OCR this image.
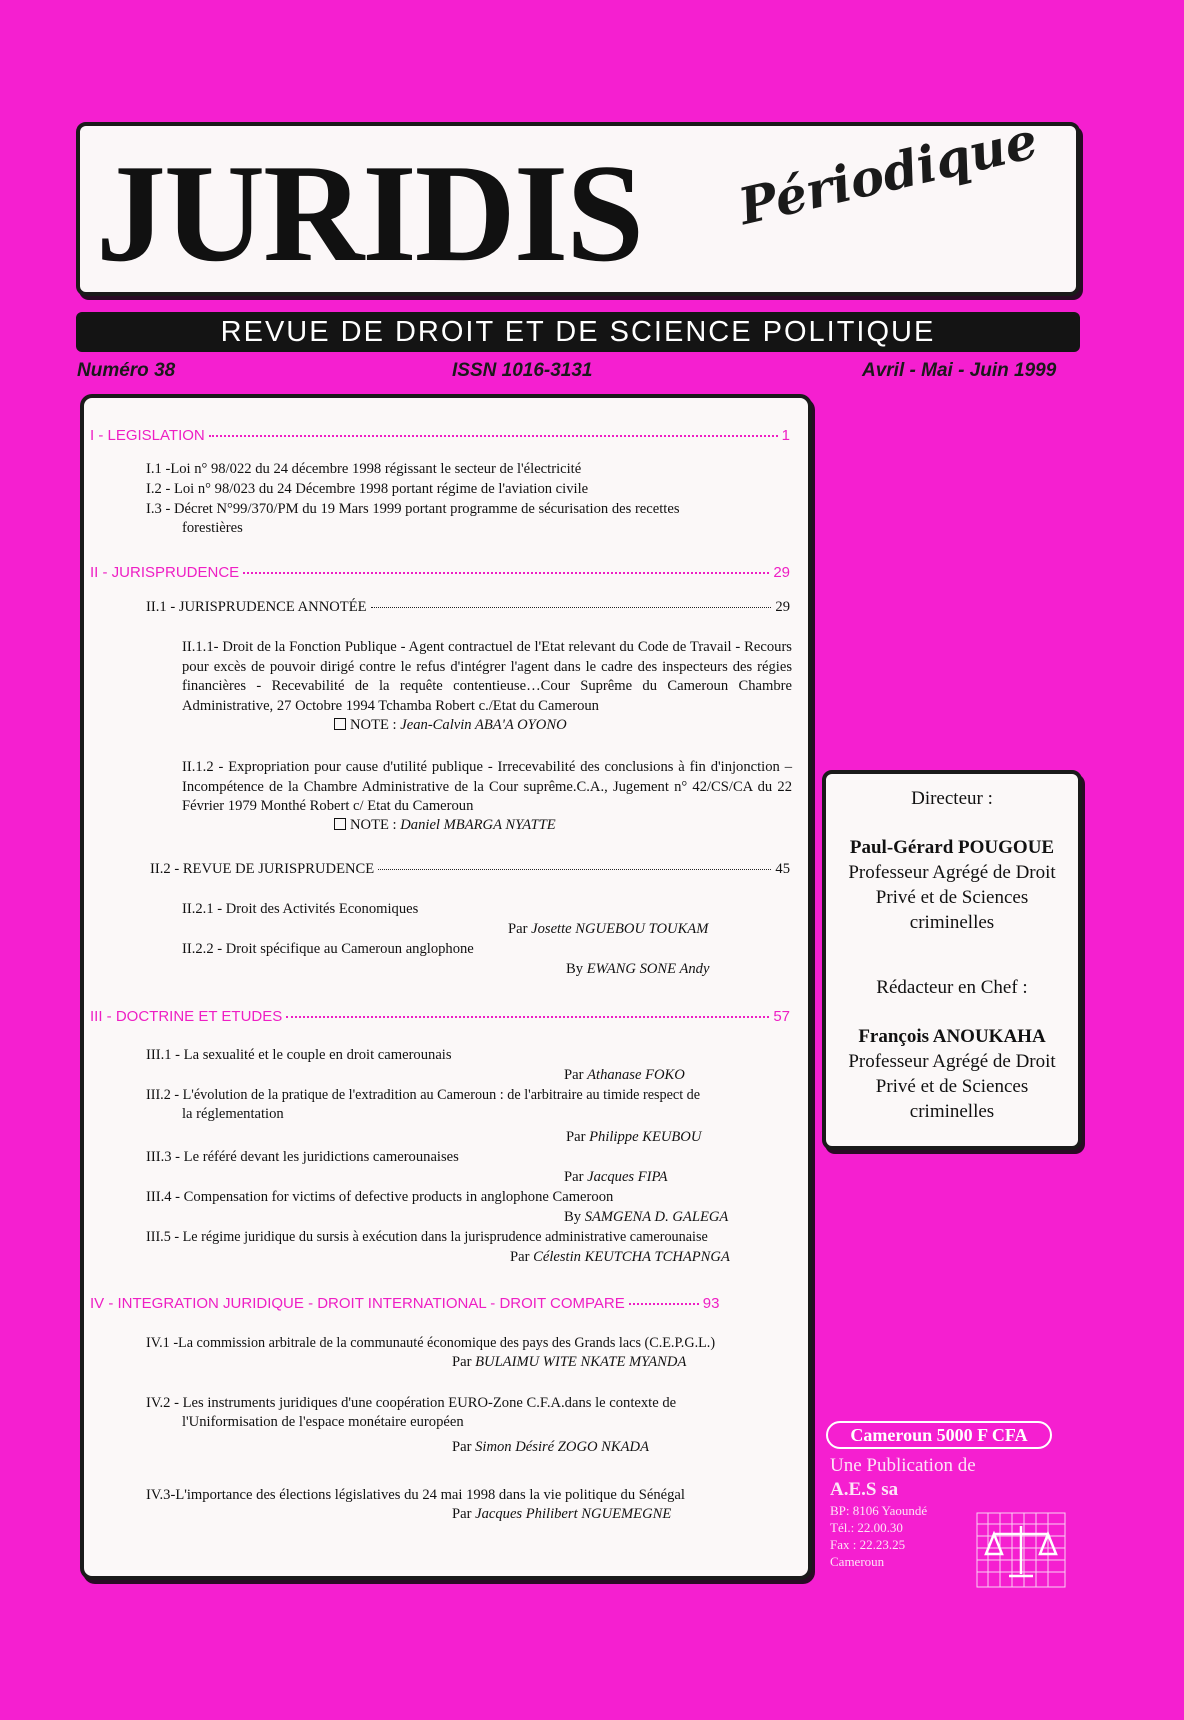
JURIDIS Périodique
REVUE DE DROIT ET DE SCIENCE POLITIQUE
Numéro 38	ISSN 1016-3131	Avril - Mai - Juin 1999
I - LEGISLATION	1
I.1 -Loi n° 98/022 du 24 décembre 1998 régissant le secteur de l'électricité
I.2 - Loi n° 98/023 du 24 Décembre 1998 portant régime de l'aviation civile
I.3 - Décret N°99/370/PM du 19 Mars 1999 portant programme de sécurisation des recettes
forestières
II - JURISPRUDENCE	29
II.1 - JURISPRUDENCE ANNOTÉE	29
II.1.1- Droit de la Fonction Publique - Agent contractuel de l'Etat relevant du Code de Travail - Recours pour excès de pouvoir dirigé contre le refus d'intégrer l'agent dans le cadre des inspecteurs des régies financières - Recevabilité de la requête contentieuse…Cour Suprême du Cameroun Chambre Administrative, 27 Octobre 1994 Tchamba Robert c./Etat du Cameroun
NOTE : Jean-Calvin ABA'A OYONO
II.1.2 - Expropriation pour cause d'utilité publique - Irrecevabilité des conclusions à fin d'injonction – Incompétence de la Chambre Administrative de la Cour suprême.C.A., Jugement n° 42/CS/CA du 22 Février 1979 Monthé Robert c/ Etat du Cameroun
NOTE : Daniel MBARGA NYATTE
II.2 - REVUE DE JURISPRUDENCE	45
II.2.1 - Droit des Activités Economiques
Par Josette NGUEBOU TOUKAM
II.2.2 - Droit spécifique au Cameroun anglophone
By EWANG SONE Andy
III - DOCTRINE ET ETUDES	57
III.1 - La sexualité et le couple en droit camerounais
Par Athanase FOKO
III.2 - L'évolution de la pratique de l'extradition au Cameroun : de l'arbitraire au timide respect de
la réglementation
Par Philippe KEUBOU
III.3 - Le référé devant les juridictions camerounaises
Par Jacques FIPA
III.4 - Compensation for victims of defective products in anglophone Cameroon
By SAMGENA D. GALEGA
III.5 - Le régime juridique du sursis à exécution dans la jurisprudence administrative camerounaise
Par Célestin KEUTCHA TCHAPNGA
IV - INTEGRATION JURIDIQUE - DROIT INTERNATIONAL - DROIT COMPARE	93
IV.1 -La commission arbitrale de la communauté économique des pays des Grands lacs (C.E.P.G.L.)
Par BULAIMU WITE NKATE MYANDA
IV.2 - Les instruments juridiques d'une coopération EURO-Zone C.F.A.dans le contexte de
l'Uniformisation de l'espace monétaire européen
Par Simon Désiré ZOGO NKADA
IV.3-L'importance des élections législatives du 24 mai 1998 dans la vie politique du Sénégal
Par Jacques Philibert NGUEMEGNE
Directeur :
Paul-Gérard POUGOUE
Professeur Agrégé de Droit
Privé et de Sciences
criminelles
Rédacteur en Chef :
François ANOUKAHA
Professeur Agrégé de Droit
Privé et de Sciences
criminelles
Cameroun 5000 F CFA
Une Publication de
A.E.S sa
BP: 8106 Yaoundé
Tél.: 22.00.30
Fax : 22.23.25
Cameroun
